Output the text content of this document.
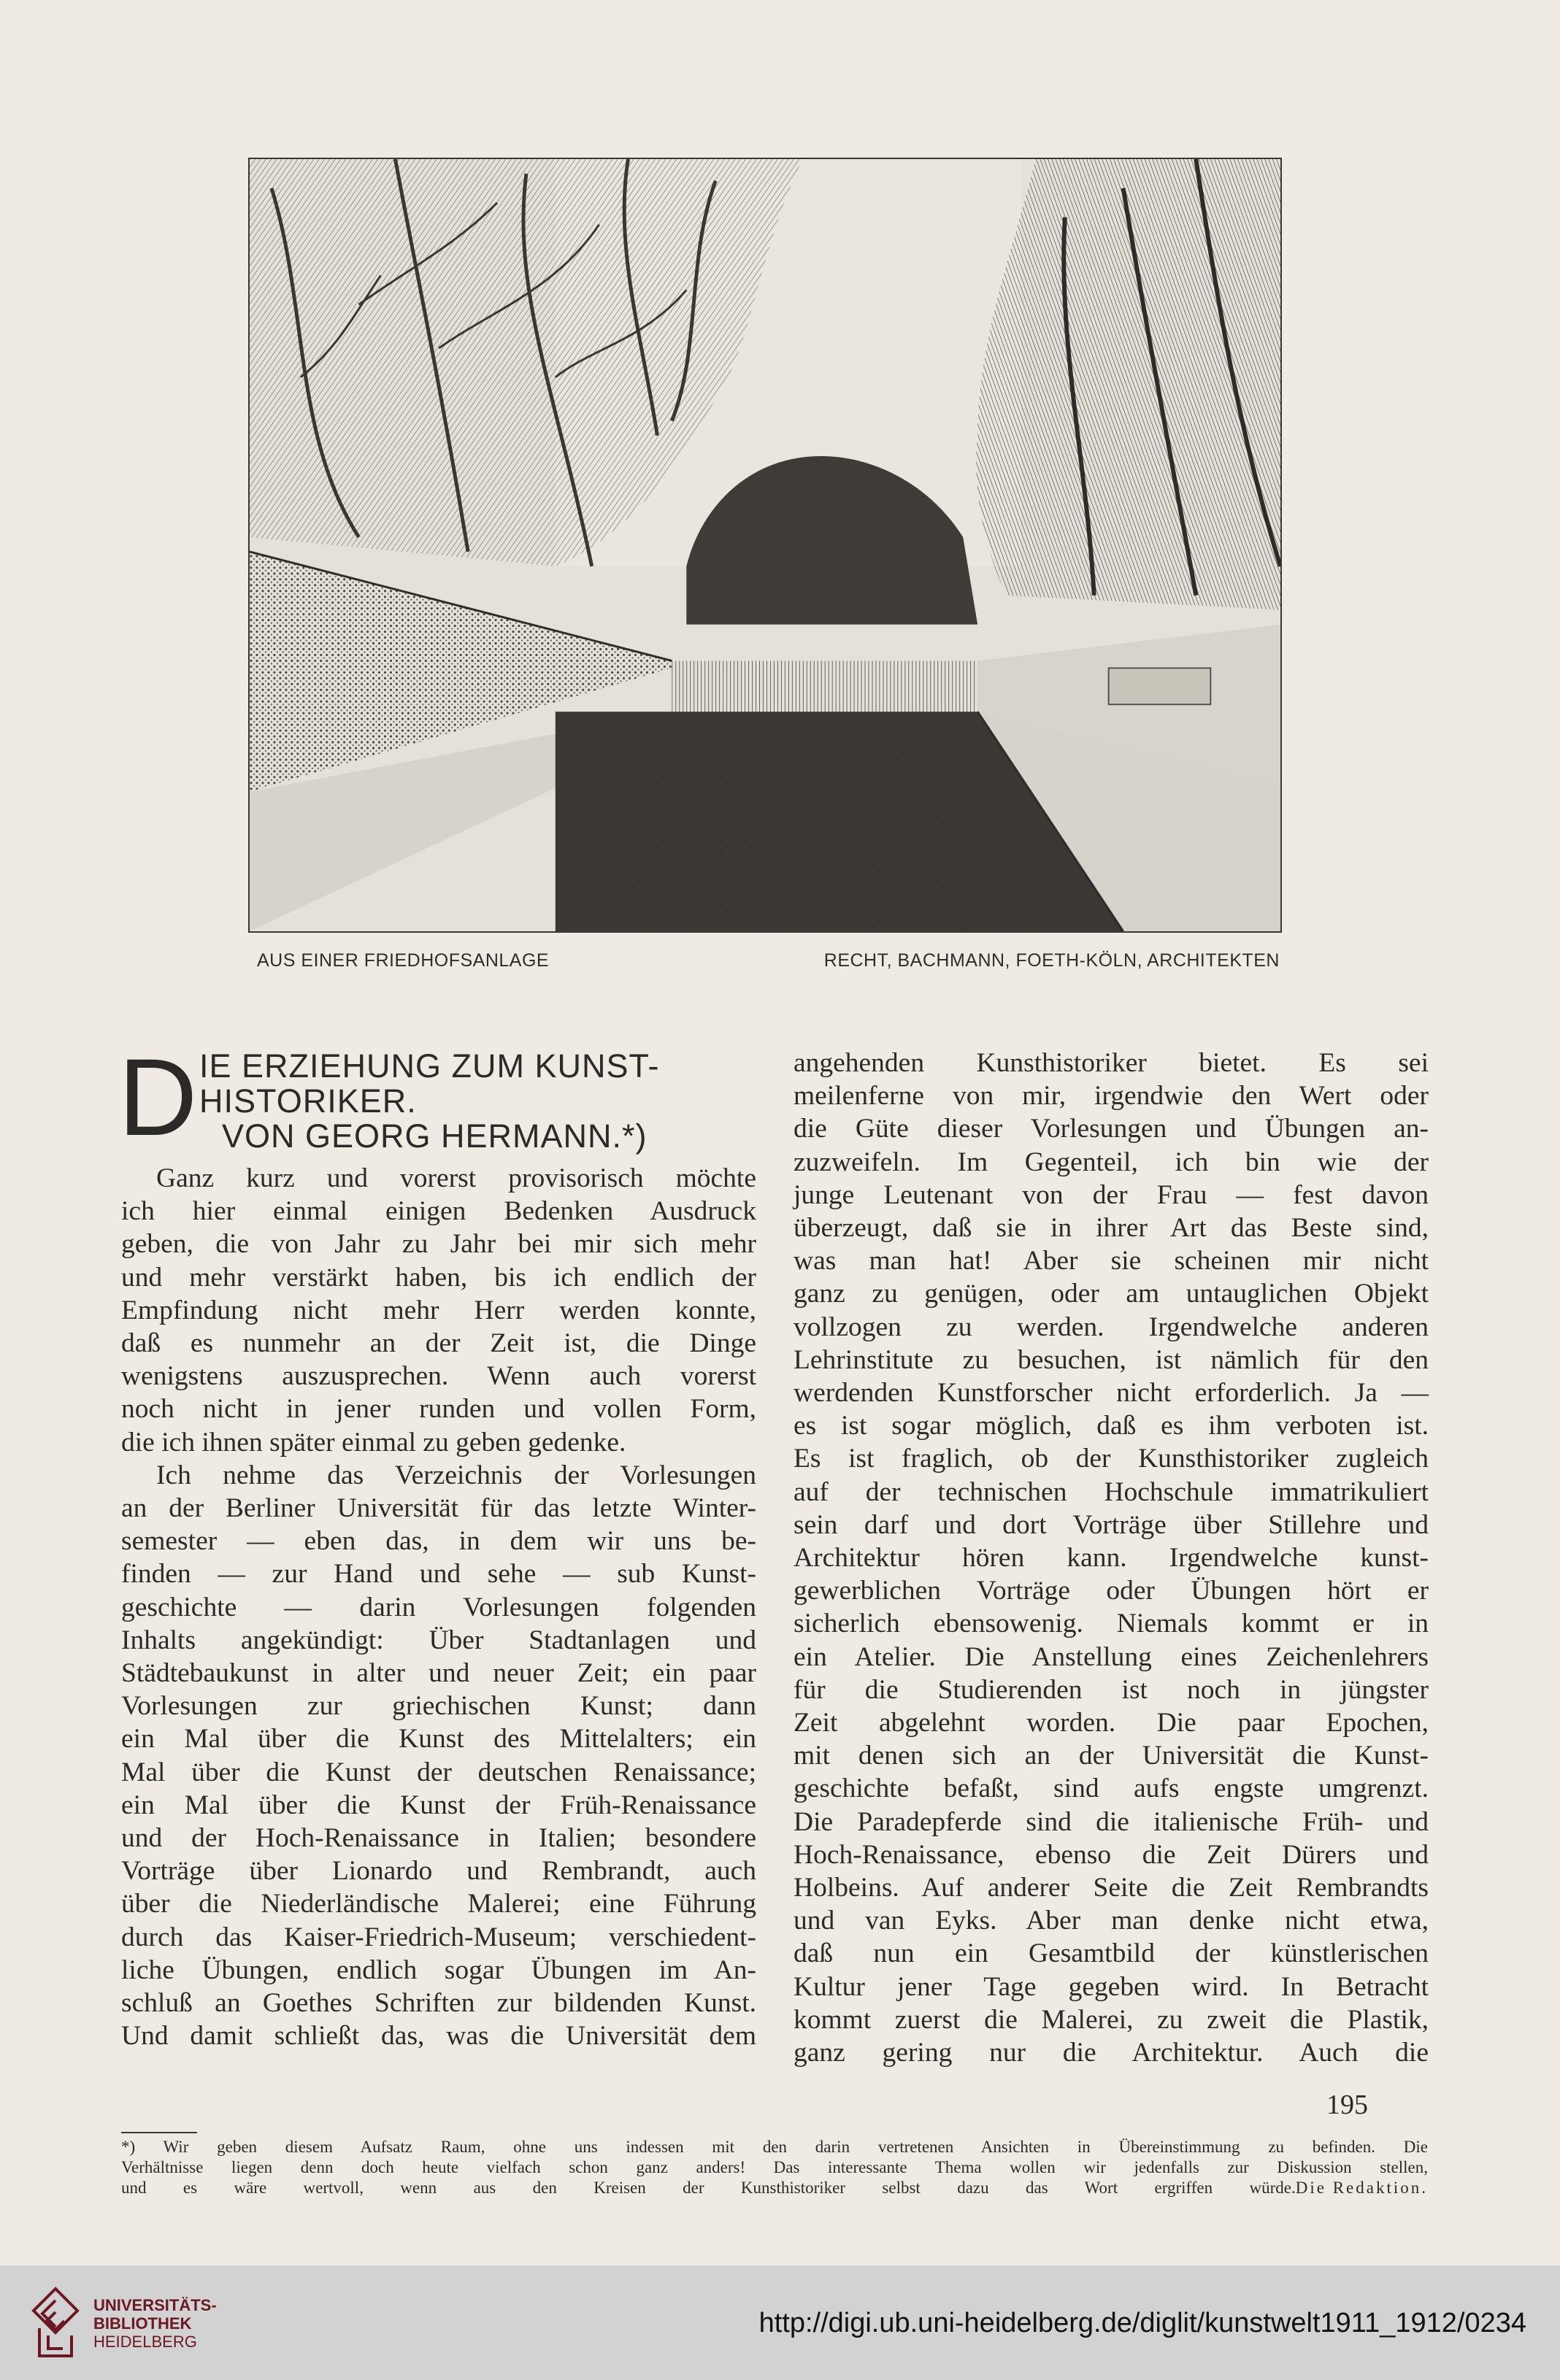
AUS EINER FRIEDHOFSANLAGE	RECHT, BACHMANN, FOETH-KÖLN, ARCHITEKTEN
D IE ERZIEHUNG ZUM KUNST-
HISTORIKER.
VON GEORG HERMANN.*)
Ganz kurz und vorerst provisorisch möchte
ich hier einmal einigen Bedenken Ausdruck
geben, die von Jahr zu Jahr bei mir sich mehr
und mehr verstärkt haben, bis ich endlich der
Empfindung nicht mehr Herr werden konnte,
daß es nunmehr an der Zeit ist, die Dinge
wenigstens auszusprechen. Wenn auch vorerst
noch nicht in jener runden und vollen Form,
die ich ihnen später einmal zu geben gedenke.
Ich nehme das Verzeichnis der Vorlesungen
an der Berliner Universität für das letzte Winter-
semester — eben das, in dem wir uns be-
finden — zur Hand und sehe — sub Kunst-
geschichte — darin Vorlesungen folgenden
Inhalts angekündigt: Über Stadtanlagen und
Städtebaukunst in alter und neuer Zeit; ein paar
Vorlesungen zur griechischen Kunst; dann
ein Mal über die Kunst des Mittelalters; ein
Mal über die Kunst der deutschen Renaissance;
ein Mal über die Kunst der Früh-Renaissance
und der Hoch-Renaissance in Italien; besondere
Vorträge über Lionardo und Rembrandt, auch
über die Niederländische Malerei; eine Führung
durch das Kaiser-Friedrich-Museum; verschiedent-
liche Übungen, endlich sogar Übungen im An-
schluß an Goethes Schriften zur bildenden Kunst.
Und damit schließt das, was die Universität dem
angehenden Kunsthistoriker bietet. Es sei
meilenferne von mir, irgendwie den Wert oder
die Güte dieser Vorlesungen und Übungen an-
zuzweifeln. Im Gegenteil, ich bin wie der
junge Leutenant von der Frau — fest davon
überzeugt, daß sie in ihrer Art das Beste sind,
was man hat! Aber sie scheinen mir nicht
ganz zu genügen, oder am untauglichen Objekt
vollzogen zu werden. Irgendwelche anderen
Lehrinstitute zu besuchen, ist nämlich für den
werdenden Kunstforscher nicht erforderlich. Ja —
es ist sogar möglich, daß es ihm verboten ist.
Es ist fraglich, ob der Kunsthistoriker zugleich
auf der technischen Hochschule immatrikuliert
sein darf und dort Vorträge über Stillehre und
Architektur hören kann. Irgendwelche kunst-
gewerblichen Vorträge oder Übungen hört er
sicherlich ebensowenig. Niemals kommt er in
ein Atelier. Die Anstellung eines Zeichenlehrers
für die Studierenden ist noch in jüngster
Zeit abgelehnt worden. Die paar Epochen,
mit denen sich an der Universität die Kunst-
geschichte befaßt, sind aufs engste umgrenzt.
Die Paradepferde sind die italienische Früh- und
Hoch-Renaissance, ebenso die Zeit Dürers und
Holbeins. Auf anderer Seite die Zeit Rembrandts
und van Eyks. Aber man denke nicht etwa,
daß nun ein Gesamtbild der künstlerischen
Kultur jener Tage gegeben wird. In Betracht
kommt zuerst die Malerei, zu zweit die Plastik,
ganz gering nur die Architektur. Auch die
195
*) Wir geben diesem Aufsatz Raum, ohne uns indessen mit den darin vertretenen Ansichten in Übereinstimmung zu befinden. Die
Verhältnisse liegen denn doch heute vielfach schon ganz anders! Das interessante Thema wollen wir jedenfalls zur Diskussion stellen,
und es wäre wertvoll, wenn aus den Kreisen der Kunsthistoriker selbst dazu das Wort ergriffen würde. Die Redaktion.
UNIVERSITÄTS-
BIBLIOTHEK
HEIDELBERG
http://digi.ub.uni-heidelberg.de/diglit/kunstwelt1911_1912/0234
